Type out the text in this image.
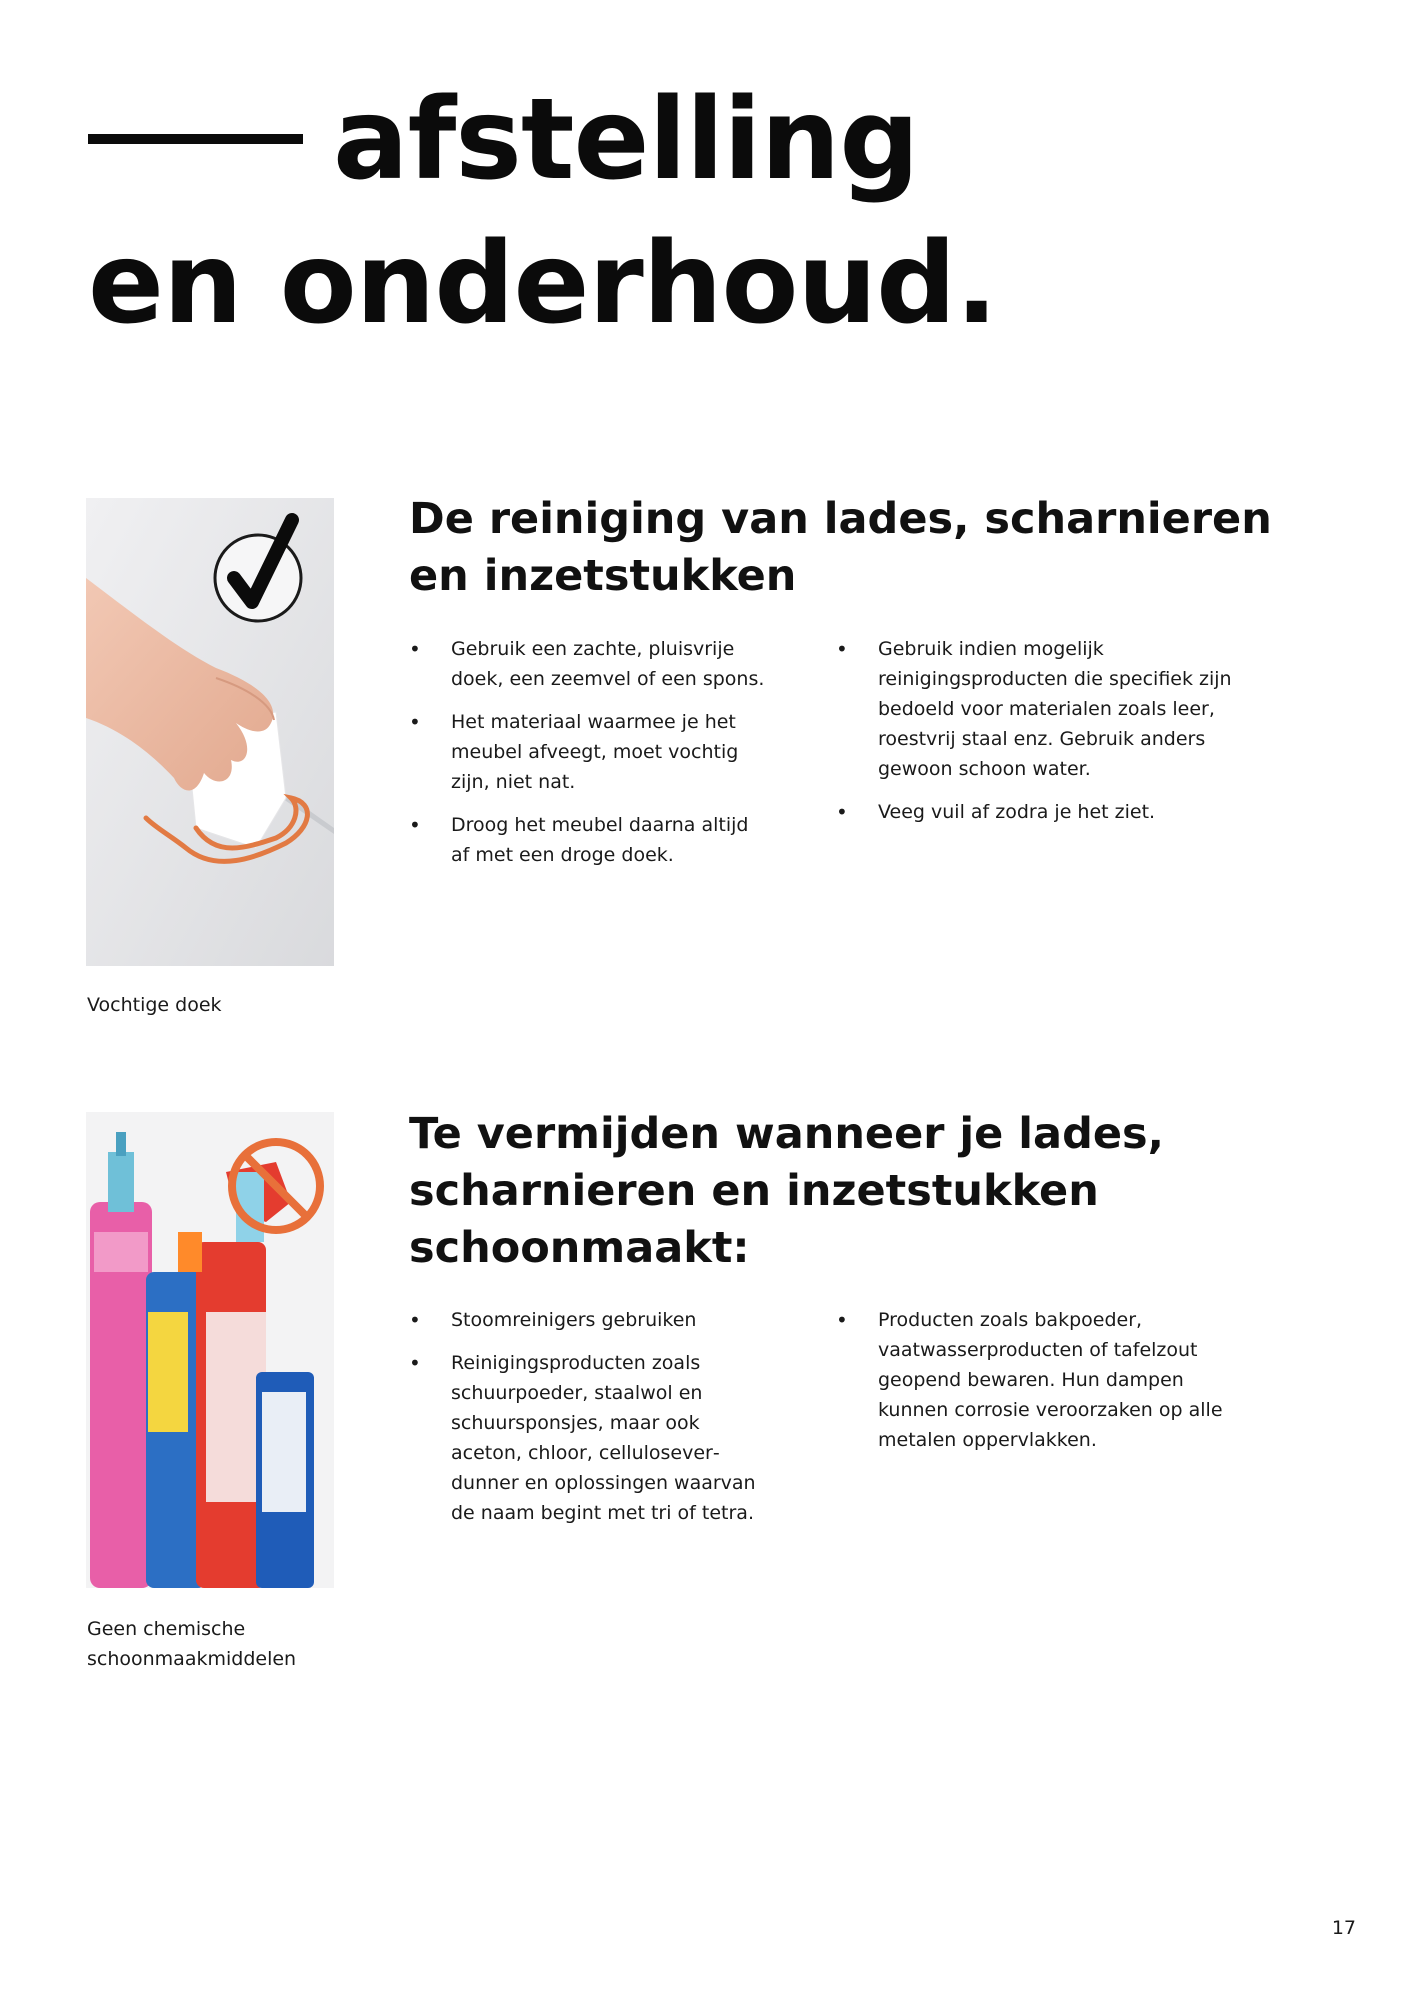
afstelling
en onderhoud.

Vochtige doek

De reiniging van lades, scharnieren
en inzetstukken
• Gebruik een zachte, pluisvrije doek, een zeemvel of een spons.
• Het materiaal waarmee je het meubel afveegt, moet vochtig zijn, niet nat.
• Droog het meubel daarna altijd af met een droge doek.
• Gebruik indien mogelijk reinigingsproducten die specifiek zijn bedoeld voor materialen zoals leer, roestvrij staal enz. Gebruik anders gewoon schoon water.
• Veeg vuil af zodra je het ziet.

Geen chemische schoonmaakmiddelen

Te vermijden wanneer je lades,
scharnieren en inzetstukken
schoonmaakt:
• Stoomreinigers gebruiken
• Reinigingsproducten zoals schuurpoeder, staalwol en schuursponsjes, maar ook aceton, chloor, celluloseverdunner en oplossingen waarvan de naam begint met tri of tetra.
• Producten zoals bakpoeder, vaatwasserproducten of tafelzout geopend bewaren. Hun dampen kunnen corrosie veroorzaken op alle metalen oppervlakken.

17
